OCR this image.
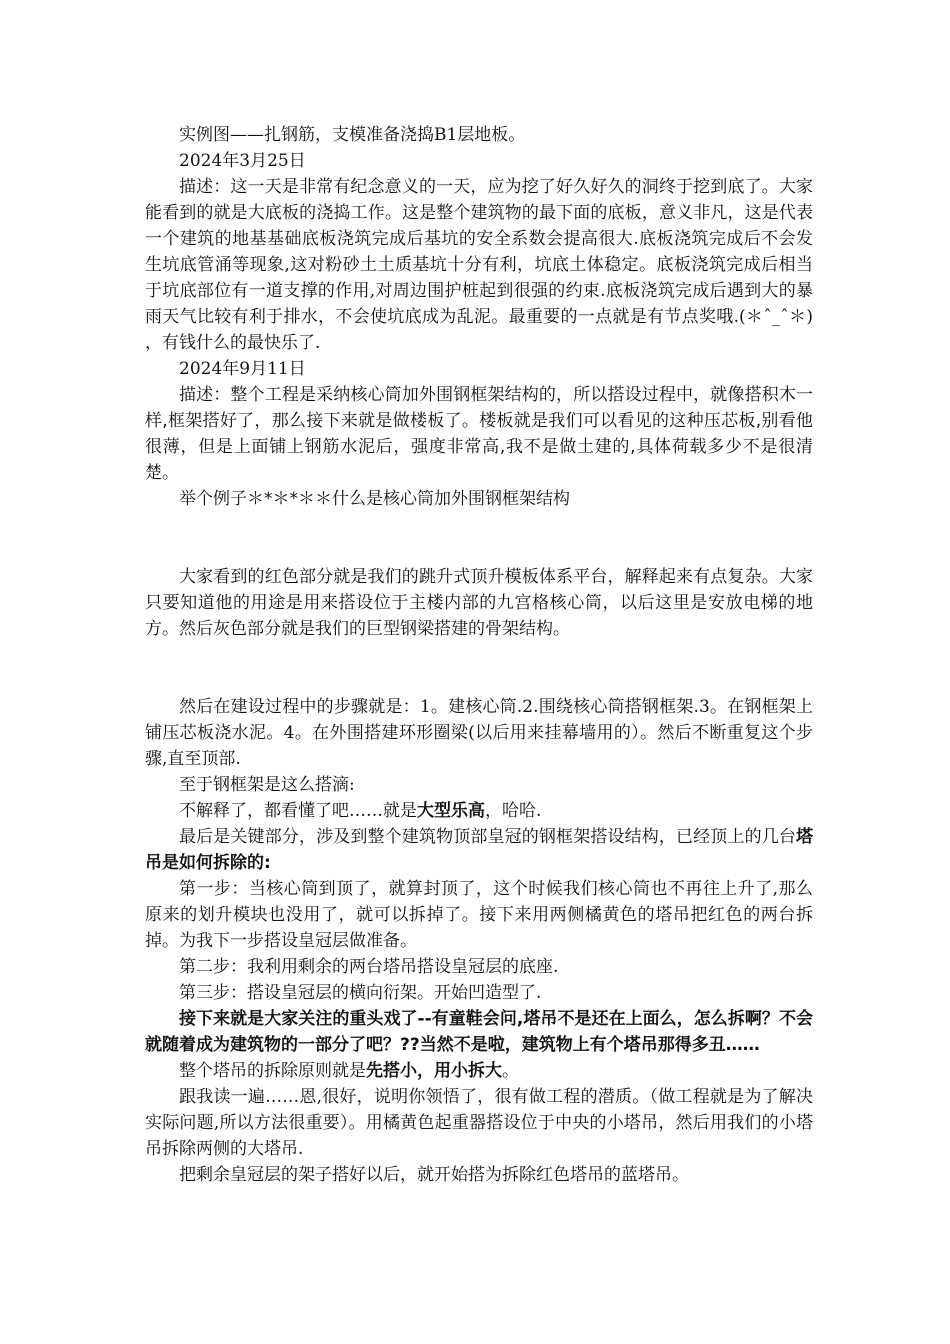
实例图——扎钢筋，支模准备浇捣B1层地板。

2024年3月25日

描述：这一天是非常有纪念意义的一天，应为挖了好久好久的洞终于挖到底了。大家能看到的就是大底板的浇捣工作。这是整个建筑物的最下面的底板，意义非凡，这是代表一个建筑的地基基础底板浇筑完成后基坑的安全系数会提高很大.底板浇筑完成后不会发生坑底管涌等现象,这对粉砂土土质基坑十分有利，坑底土体稳定。底板浇筑完成后相当于坑底部位有一道支撑的作用,对周边围护桩起到很强的约束.底板浇筑完成后遇到大的暴雨天气比较有利于排水，不会使坑底成为乱泥。最重要的一点就是有节点奖哦.(＊ˆ_ˆ＊) ，有钱什么的最快乐了.

2024年9月11日

描述：整个工程是采纳核心筒加外围钢框架结构的，所以搭设过程中，就像搭积木一样,框架搭好了，那么接下来就是做楼板了。楼板就是我们可以看见的这种压芯板,别看他很薄，但是上面铺上钢筋水泥后，强度非常高,我不是做土建的,具体荷载多少不是很清楚。

举个例子＊*＊*＊＊什么是核心筒加外围钢框架结构

大家看到的红色部分就是我们的跳升式顶升模板体系平台，解释起来有点复杂。大家只要知道他的用途是用来搭设位于主楼内部的九宫格核心筒，以后这里是安放电梯的地方。然后灰色部分就是我们的巨型钢梁搭建的骨架结构。

然后在建设过程中的步骤就是：1。建核心筒.2.围绕核心筒搭钢框架.3。在钢框架上铺压芯板浇水泥。4。在外围搭建环形圈梁(以后用来挂幕墙用的）。然后不断重复这个步骤,直至顶部.

至于钢框架是这么搭滴:

不解释了，都看懂了吧……就是大型乐高，哈哈.

最后是关键部分，涉及到整个建筑物顶部皇冠的钢框架搭设结构，已经顶上的几台塔吊是如何拆除的:

第一步：当核心筒到顶了，就算封顶了，这个时候我们核心筒也不再往上升了,那么原来的划升模块也没用了，就可以拆掉了。接下来用两侧橘黄色的塔吊把红色的两台拆掉。为我下一步搭设皇冠层做准备。

第二步：我利用剩余的两台塔吊搭设皇冠层的底座.

第三步：搭设皇冠层的横向衍架。开始凹造型了.

接下来就是大家关注的重头戏了--有童鞋会问,塔吊不是还在上面么，怎么拆啊？不会就随着成为建筑物的一部分了吧？??当然不是啦，建筑物上有个塔吊那得多丑……

整个塔吊的拆除原则就是先搭小，用小拆大。

跟我读一遍……恩,很好，说明你领悟了，很有做工程的潜质。（做工程就是为了解决实际问题,所以方法很重要）。用橘黄色起重器搭设位于中央的小塔吊，然后用我们的小塔吊拆除两侧的大塔吊.

把剩余皇冠层的架子搭好以后，就开始搭为拆除红色塔吊的蓝塔吊。
